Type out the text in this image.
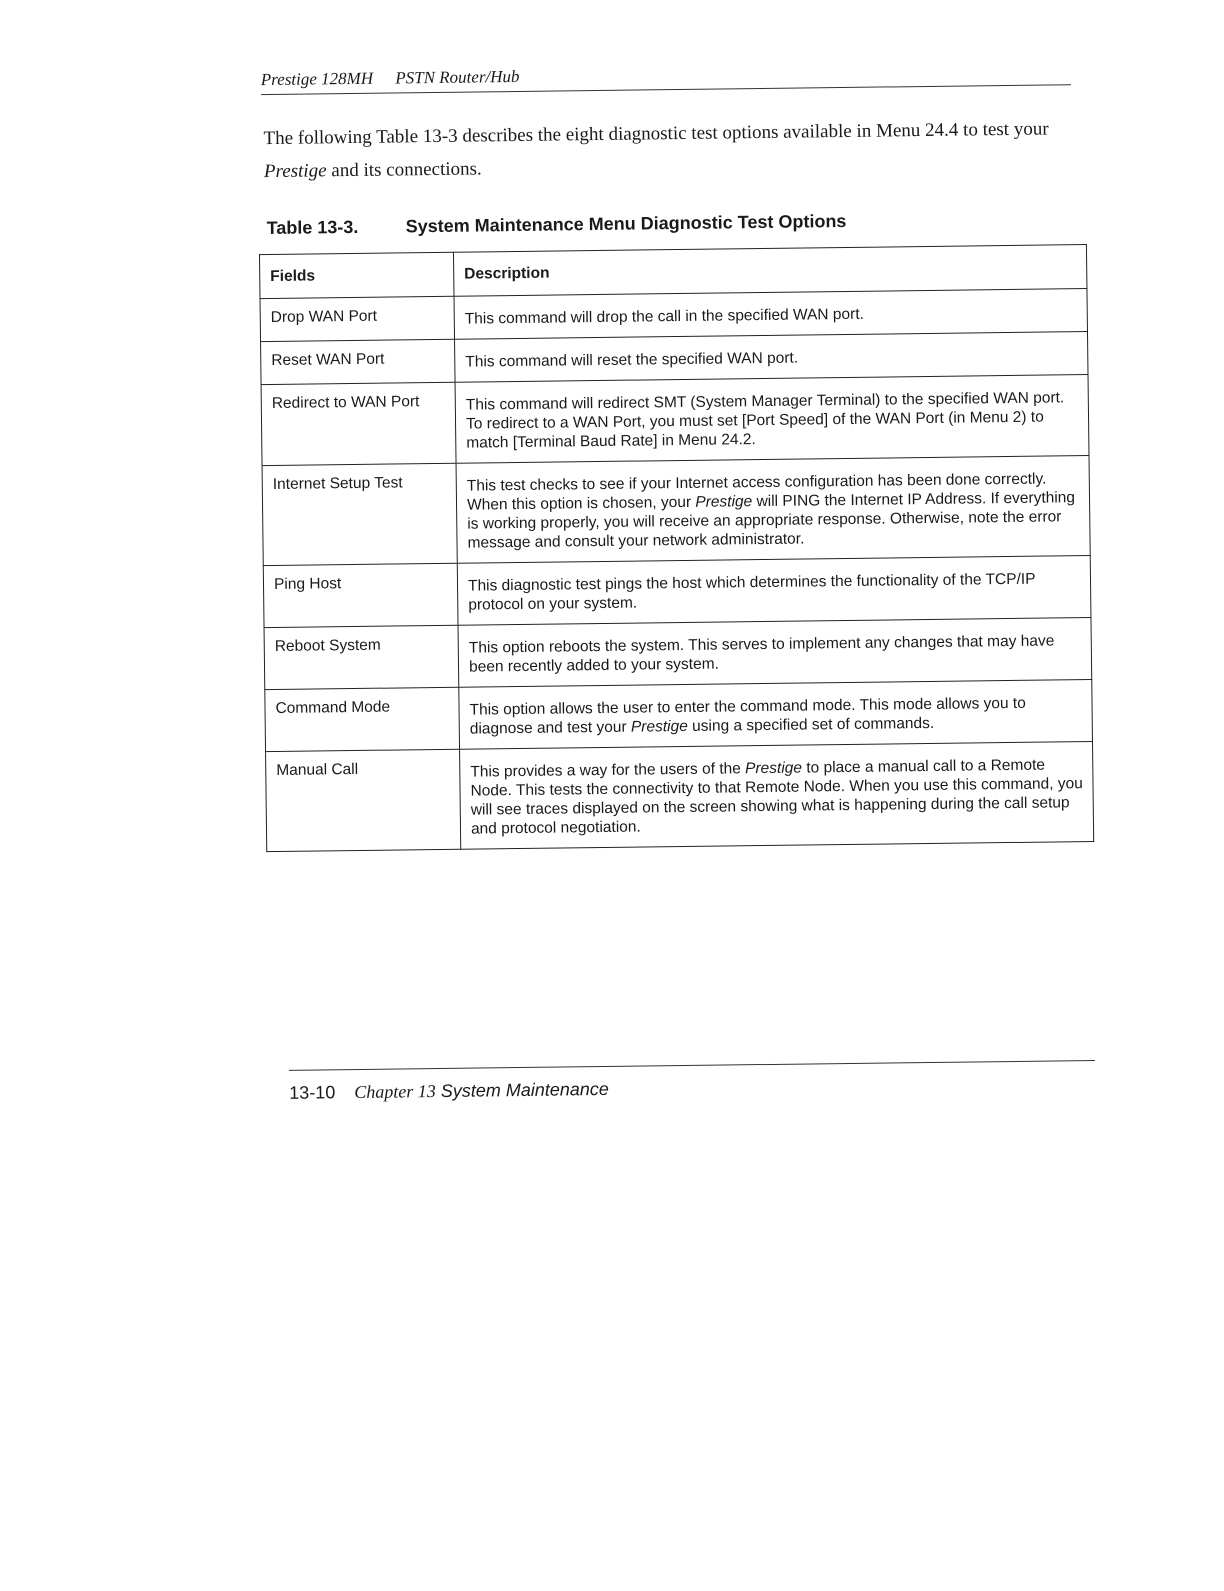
Prestige 128MH PSTN Router/Hub

The following Table 13-3 describes the eight diagnostic test options available in Menu 24.4 to test your Prestige and its connections.

Table 13-3.	System Maintenance Menu Diagnostic Test Options
Fields	Description
Drop WAN Port	This command will drop the call in the specified WAN port.
Reset WAN Port	This command will reset the specified WAN port.
Redirect to WAN Port	This command will redirect SMT (System Manager Terminal) to the specified WAN port. To redirect to a WAN Port, you must set [Port Speed] of the WAN Port (in Menu 2) to match [Terminal Baud Rate] in Menu 24.2.
Internet Setup Test	This test checks to see if your Internet access configuration has been done correctly. When this option is chosen, your Prestige will PING the Internet IP Address. If everything is working properly, you will receive an appropriate response. Otherwise, note the error message and consult your network administrator.
Ping Host	This diagnostic test pings the host which determines the functionality of the TCP/IP protocol on your system.
Reboot System	This option reboots the system. This serves to implement any changes that may have been recently added to your system.
Command Mode	This option allows the user to enter the command mode. This mode allows you to diagnose and test your Prestige using a specified set of commands.
Manual Call	This provides a way for the users of the Prestige to place a manual call to a Remote Node. This tests the connectivity to that Remote Node. When you use this command, you will see traces displayed on the screen showing what is happening during the call setup and protocol negotiation.
13-10 Chapter 13 System Maintenance
